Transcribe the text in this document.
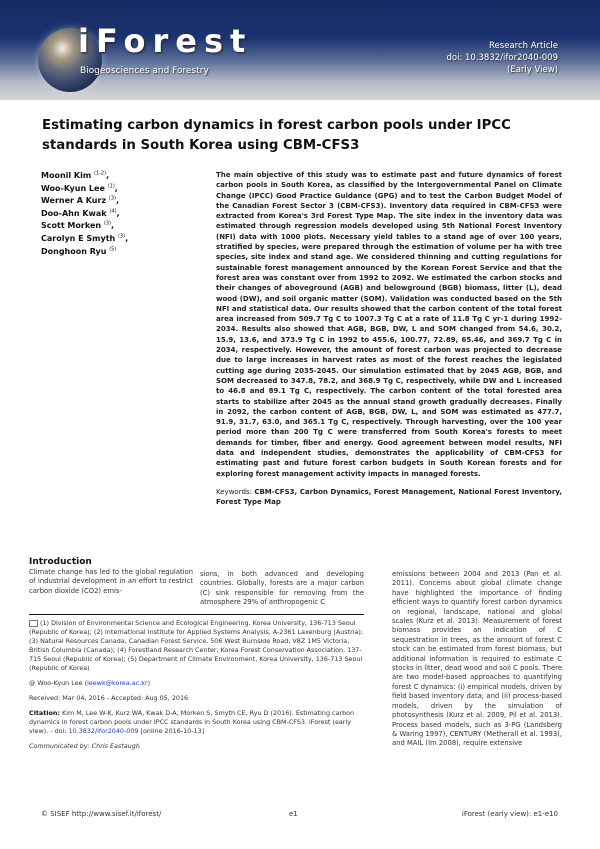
iForest
Biogeosciences and Forestry
Research Article
doi: 10.3832/ifor2040-009
(Early View)
Estimating carbon dynamics in forest carbon pools under IPCC standards in South Korea using CBM-CFS3
Moonil Kim $^{(1-2)}$,
Woo-Kyun Lee $^{(1)}$,
Werner A Kurz $^{(3)}$,
Doo-Ahn Kwak $^{(4)}$,
Scott Morken $^{(3)}$,
Carolyn E Smyth $^{(3)}$,
Donghoon Ryu $^{(5)}$
The main objective of this study was to estimate past and future dynamics of forest carbon pools in South Korea, as classified by the Intergovernmental Panel on Climate Change (IPCC) Good Practice Guidance (GPG) and to test the Carbon Budget Model of the Canadian Forest Sector 3 (CBM-CFS3). Inventory data required in CBM-CFS3 were extracted from Korea's 3rd Forest Type Map. The site index in the inventory data was estimated through regression models developed using 5th National Forest Inventory (NFI) data with 1000 plots. Necessary yield tables to a stand age of over 100 years, stratified by species, were prepared through the estimation of volume per ha with tree species, site index and stand age. We considered thinning and cutting regulations for sustainable forest management announced by the Korean Forest Service and that the forest area was constant over from 1992 to 2092. We estimated the carbon stocks and their changes of aboveground (AGB) and belowground (BGB) biomass, litter (L), dead wood (DW), and soil organic matter (SOM). Validation was conducted based on the 5th NFI and statistical data. Our results showed that the carbon content of the total forest area increased from 509.7 Tg C to 1007.3 Tg C at a rate of 11.8 Tg C yr-1 during 1992-2034. Results also showed that AGB, BGB, DW, L and SOM changed from 54.6, 30.2, 15.9, 13.6, and 373.9 Tg C in 1992 to 455.6, 100.77, 72.89, 65.46, and 369.7 Tg C in 2034, respectively. However, the amount of forest carbon was projected to decrease due to large increases in harvest rates as most of the forest reaches the legislated cutting age during 2035-2045. Our simulation estimated that by 2045 AGB, BGB, and SOM decreased to 347.8, 78.2, and 368.9 Tg C, respectively, while DW and L increased to 46.8 and 89.1 Tg C, respectively. The carbon content of the total forested area starts to stabilize after 2045 as the annual stand growth gradually decreases. Finally in 2092, the carbon content of AGB, BGB, DW, L, and SOM was estimated as 477.7, 91.9, 31.7, 63.0, and 365.1 Tg C, respectively. Through harvesting, over the 100 year period more than 200 Tg C were transferred from South Korea's forests to meet demands for timber, fiber and energy. Good agreement between model results, NFI data and independent studies, demonstrates the applicability of CBM-CFS3 for estimating past and future forest carbon budgets in South Korean forests and for exploring forest management activity impacts in managed forests.
Keywords: CBM-CFS3, Carbon Dynamics, Forest Management, National Forest Inventory, Forest Type Map
Introduction
Climate change has led to the global regulation of industrial development in an effort to restrict carbon dioxide (CO2) emis-
sions, in both advanced and developing countries. Globally, forests are a major carbon (C) sink responsible for removing from the atmosphere 29% of anthropogenic C
emissions between 2004 and 2013 (Pan et al. 2011). Concerns about global climate change have highlighted the importance of finding efficient ways to quantify forest carbon dynamics on regional, landscape, national and global scales (Kurz et al. 2013). Measurement of forest biomass provides an indication of C sequestration in trees, as the amount of forest C stock can be estimated from forest biomass, but additional information is required to estimate C stocks in litter, dead wood and soil C pools. There are two model-based approaches to quantifying forest C dynamics: (i) empirical models, driven by field based inventory data; and (ii) process-based models, driven by the simulation of photosynthesis (Kurz et al. 2009, Pil et al. 2013). Process based models, such as 3-PG (Landsberg & Waring 1997), CENTURY (Metherall et al. 1993), and MAIL (Im 2008), require extensive
(1) Division of Environmental Science and Ecological Engineering, Korea University, 136-713 Seoul (Republic of Korea); (2) International Institute for Applied Systems Analysis, A-2361 Laxenburg (Austria); (3) Natural Resources Canada, Canadian Forest Service, 506 West Burnside Road, V8Z 1M5 Victoria, British Columbia (Canada); (4) Forestland Research Center, Korea Forest Conservation Association, 137-715 Seoul (Republic of Korea); (5) Department of Climate Environment, Korea University, 136-713 Seoul (Republic of Korea)
@ Woo-Kyun Lee (leewk@korea.ac.kr)
Received: Mar 04, 2016 - Accepted: Aug 05, 2016
Citation: Kim M, Lee W-K, Kurz WA, Kwak D-A, Morken S, Smyth CE, Ryu D (2016). Estimating carbon dynamics in forest carbon pools under IPCC standards in South Korea using CBM-CFS3. iForest (early view). - doi: 10.3832/ifor2040-009 [online 2016-10-13]
Communicated by: Chris Eastaugh
© SISEF http://www.sisef.it/iforest/	e1	iForest (early view): e1-e10
